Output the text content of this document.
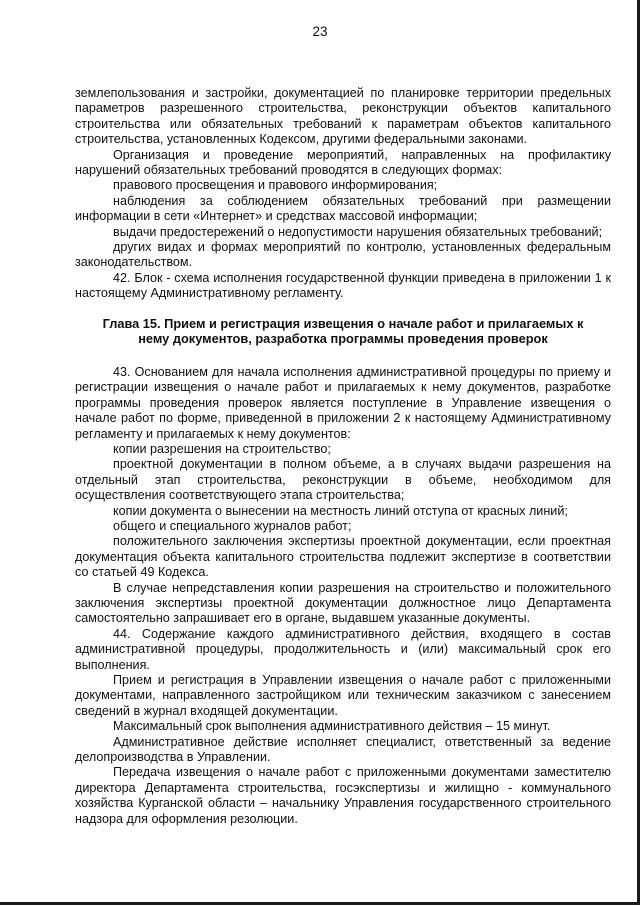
23

землепользования и застройки, документацией по планировке территории предельных параметров разрешенного строительства, реконструкции объектов капитального строительства или обязательных требований к параметрам объектов капитального строительства, установленных Кодексом, другими федеральными законами.

Организация и проведение мероприятий, направленных на профилактику нарушений обязательных требований проводятся в следующих формах:

правового просвещения и правового информирования;

наблюдения за соблюдением обязательных требований при размещении информации в сети «Интернет» и средствах массовой информации;

выдачи предостережений о недопустимости нарушения обязательных требований;

других видах и формах мероприятий по контролю, установленных федеральным законодательством.

42. Блок - схема исполнения государственной функции приведена в приложении 1 к настоящему Административному регламенту.

Глава 15. Прием и регистрация извещения о начале работ и прилагаемых к нему документов, разработка программы проведения проверок

43. Основанием для начала исполнения административной процедуры по приему и регистрации извещения о начале работ и прилагаемых к нему документов, разработке программы проведения проверок является поступление в Управление извещения о начале работ по форме, приведенной в приложении 2 к настоящему Административному регламенту и прилагаемых к нему документов:

копии разрешения на строительство;

проектной документации в полном объеме, а в случаях выдачи разрешения на отдельный этап строительства, реконструкции в объеме, необходимом для осуществления соответствующего этапа строительства;

копии документа о вынесении на местность линий отступа от красных линий;

общего и специального журналов работ;

положительного заключения экспертизы проектной документации, если проектная документация объекта капитального строительства подлежит экспертизе в соответствии со статьей 49 Кодекса.

В случае непредставления копии разрешения на строительство и положительного заключения экспертизы проектной документации должностное лицо Департамента самостоятельно запрашивает его в органе, выдавшем указанные документы.

44. Содержание каждого административного действия, входящего в состав административной процедуры, продолжительность и (или) максимальный срок его выполнения.

Прием и регистрация в Управлении извещения о начале работ с приложенными документами, направленного застройщиком или техническим заказчиком с занесением сведений в журнал входящей документации.

Максимальный срок выполнения административного действия – 15 минут.

Административное действие исполняет специалист, ответственный за ведение делопроизводства в Управлении.

Передача извещения о начале работ с приложенными документами заместителю директора Департамента строительства, госэкспертизы и жилищно - коммунального хозяйства Курганской области – начальнику Управления государственного строительного надзора для оформления резолюции.
